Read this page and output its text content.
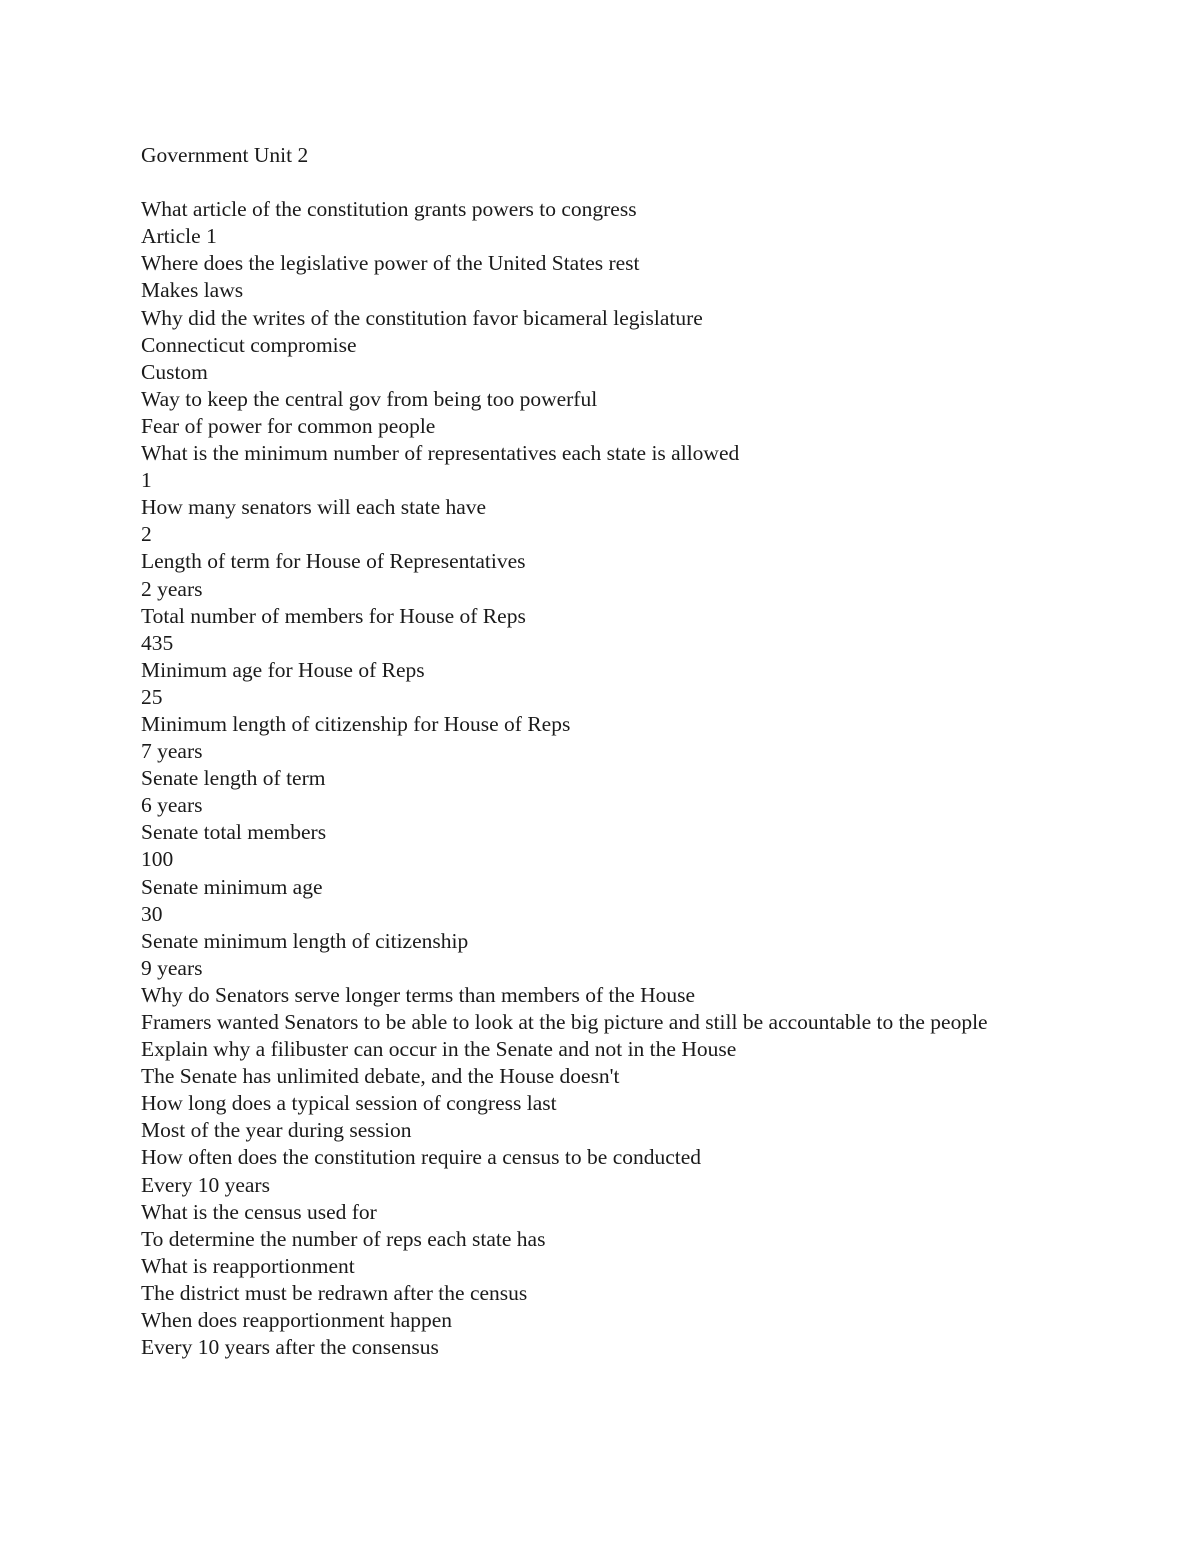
Government Unit 2

What article of the constitution grants powers to congress

Article 1

Where does the legislative power of the United States rest

Makes laws

Why did the writes of the constitution favor bicameral legislature

Connecticut compromise

Custom

Way to keep the central gov from being too powerful

Fear of power for common people

What is the minimum number of representatives each state is allowed

1

How many senators will each state have

2

Length of term for House of Representatives

2 years

Total number of members for House of Reps

435

Minimum age for House of Reps

25

Minimum length of citizenship for House of Reps

7 years

Senate length of term

6 years

Senate total members

100

Senate minimum age

30

Senate minimum length of citizenship

9 years

Why do Senators serve longer terms than members of the House

Framers wanted Senators to be able to look at the big picture and still be accountable to the people

Explain why a filibuster can occur in the Senate and not in the House

The Senate has unlimited debate, and the House doesn't

How long does a typical session of congress last

Most of the year during session

How often does the constitution require a census to be conducted

Every 10 years

What is the census used for

To determine the number of reps each state has

What is reapportionment

The district must be redrawn after the census

When does reapportionment happen

Every 10 years after the consensus
